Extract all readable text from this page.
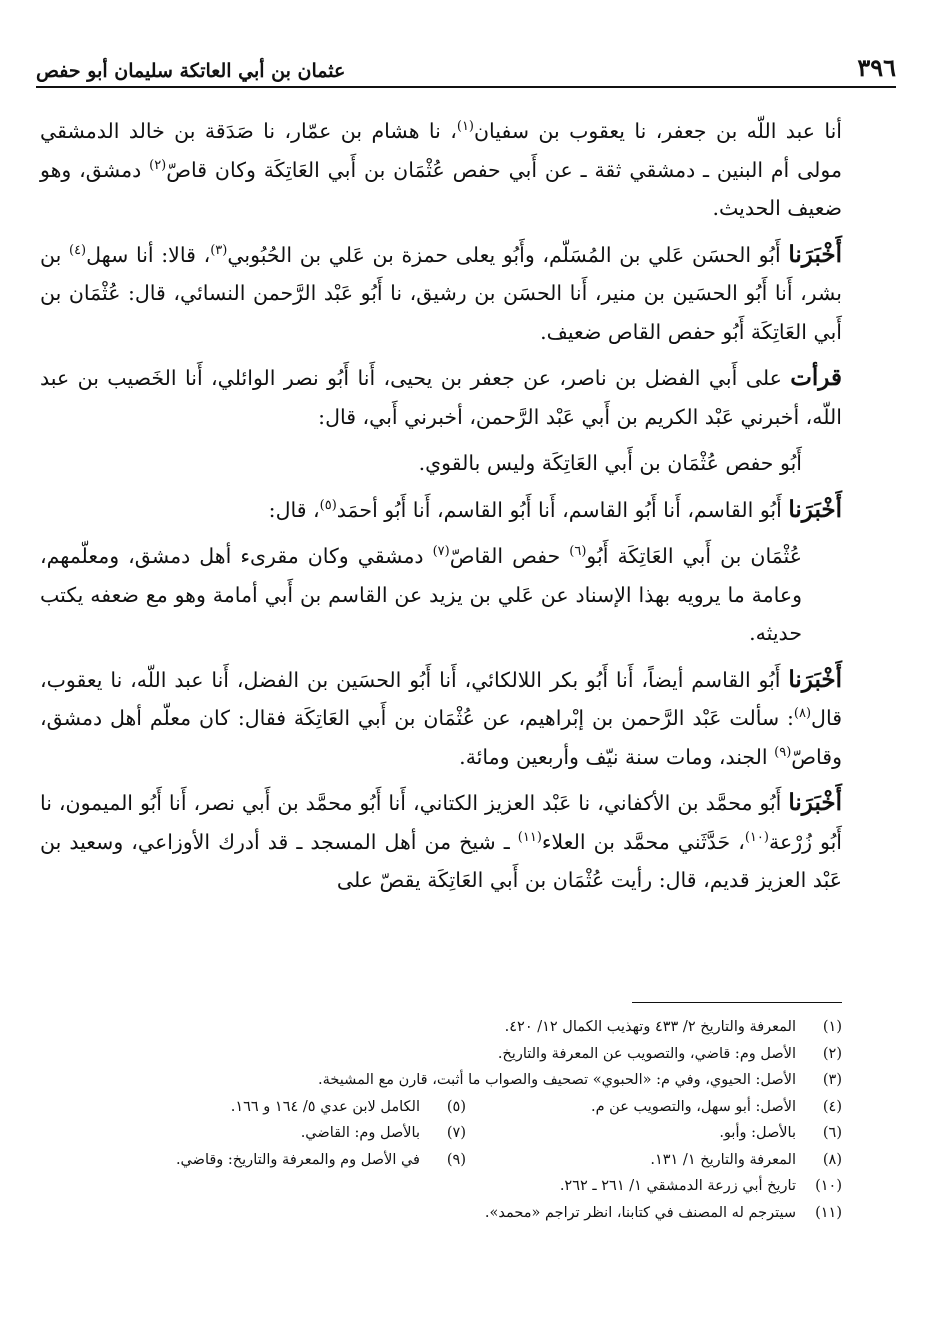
٣٩٦
عثمان بن أبي العاتكة سليمان أبو حفص

أنا عبد اللّه بن جعفر، نا يعقوب بن سفيان$^{(١)}$، نا هشام بن عمّار، نا صَدَقة بن خالد الدمشقي مولى أم البنين ـ دمشقي ثقة ـ عن أَبي حفص عُثْمَان بن أَبي العَاتِكَة وكان قاصّ$^{(٢)}$ دمشق، وهو ضعيف الحديث.

أَخْبَرَنا أَبُو الحسَن عَلي بن المُسَلّم، وأَبُو يعلى حمزة بن عَلي بن الحُبُوبي$^{(٣)}$، قالا: أنا سهل$^{(٤)}$ بن بشر، أَنا أَبُو الحسَين بن منير، أَنا الحسَن بن رشيق، نا أَبُو عَبْد الرَّحمن النسائي، قال: عُثْمَان بن أَبي العَاتِكَة أَبُو حفص القاص ضعيف.

قرأت على أَبي الفضل بن ناصر، عن جعفر بن يحيى، أَنا أَبُو نصر الوائلي، أَنا الخَصيب بن عبد اللّه، أخبرني عَبْد الكريم بن أَبي عَبْد الرَّحمن، أخبرني أَبي، قال:

أَبُو حفص عُثْمَان بن أَبي العَاتِكَة وليس بالقوي.

أَخْبَرَنا أَبُو القاسم، أَنا أَبُو القاسم، أَنا أَبُو القاسم، أَنا أَبُو أحمَد$^{(٥)}$، قال:

عُثْمَان بن أَبي العَاتِكَة أَبُو$^{(٦)}$ حفص القاصّ$^{(٧)}$ دمشقي وكان مقرىء أهل دمشق، ومعلّمهم، وعامة ما يرويه بهذا الإسناد عن عَلي بن يزيد عن القاسم بن أَبي أمامة وهو مع ضعفه يكتب حديثه.

أَخْبَرَنا أَبُو القاسم أيضاً، أَنا أَبُو بكر اللالكائي، أَنا أَبُو الحسَين بن الفضل، أَنا عبد اللّه، نا يعقوب، قال$^{(٨)}$: سألت عَبْد الرَّحمن بن إبْراهيم، عن عُثْمَان بن أَبي العَاتِكَة فقال: كان معلّم أهل دمشق، وقاصّ$^{(٩)}$ الجند، ومات سنة نيّف وأربعين ومائة.

أَخْبَرَنا أَبُو محمَّد بن الأكفاني، نا عَبْد العزيز الكتاني، أَنا أَبُو محمَّد بن أَبي نصر، أَنا أَبُو الميمون، نا أَبُو زُرْعة$^{(١٠)}$، حَدَّثَني محمَّد بن العلاء$^{(١١)}$ ـ شيخ من أهل المسجد ـ قد أدرك الأوزاعي، وسعيد بن عَبْد العزيز قديم، قال: رأيت عُثْمَان بن أَبي العَاتِكَة يقصّ على

(١)
المعرفة والتاريخ ٢/ ٤٣٣ وتهذيب الكمال ١٢/ ٤٢٠.
(٢)
الأصل وم: قاضي، والتصويب عن المعرفة والتاريخ.
(٣)
الأصل: الحيوي، وفي م: «الحبوي» تصحيف والصواب ما أثبت، قارن مع المشيخة.
(٤)
الأصل: أبو سهل، والتصويب عن م.
(٥)
الكامل لابن عدي ٥/ ١٦٤ و ١٦٦.
(٦)
بالأصل: وأبو.
(٧)
بالأصل وم: القاضي.
(٨)
المعرفة والتاريخ ١/ ١٣١.
(٩)
في الأصل وم والمعرفة والتاريخ: وقاضي.
(١٠)
تاريخ أبي زرعة الدمشقي ١/ ٢٦١ ـ ٢٦٢.
(١١)
سيترجم له المصنف في كتابنا، انظر تراجم «محمد».
